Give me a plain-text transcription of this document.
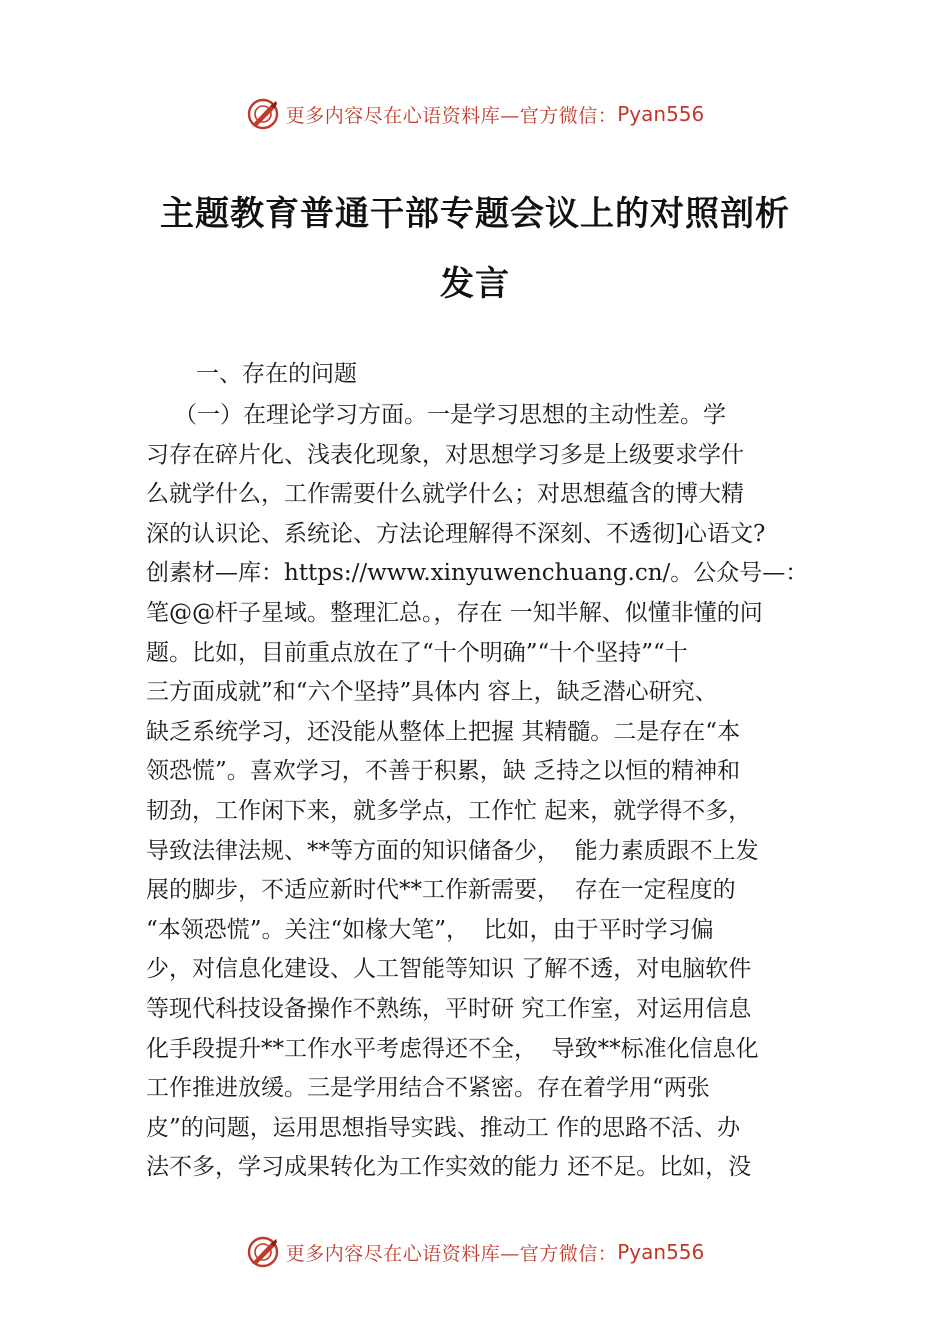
更多内容尽在心语资料库—官方微信： Pyan556
主题教育普通干部专题会议上的对照剖析
发言
一、存在的问题
（一）在理论学习方面。一是学习思想的主动性差。学
习存在碎片化、浅表化现象，对思想学习多是上级要求学什
么就学什么，工作需要什么就学什么；对思想蕴含的博大精
深的认识论、系统论、方法论理解得不深刻、不透彻]心语文?
创素材—库：https://www.xinyuwenchuang.cn/。公众号—：
笔@@杆子星域。整理汇总。，存在 一知半解、似懂非懂的问
题。比如，目前重点放在了“十个明确”“十个坚持”“十
三方面成就”和“六个坚持”具体内 容上，缺乏潜心研究、
缺乏系统学习，还没能从整体上把握 其精髓。二是存在“本
领恐慌”。喜欢学习，不善于积累，缺 乏持之以恒的精神和
韧劲，工作闲下来，就多学点，工作忙 起来，就学得不多，
导致法律法规、**等方面的知识储备少，  能力素质跟不上发
展的脚步，不适应新时代**工作新需要，  存在一定程度的
“本领恐慌”。关注“如椽大笔”，  比如，由于平时学习偏
少，对信息化建设、人工智能等知识 了解不透，对电脑软件
等现代科技设备操作不熟练，平时研 究工作室，对运用信息
化手段提升**工作水平考虑得还不全，  导致**标准化信息化
工作推进放缓。三是学用结合不紧密。存在着学用“两张
皮”的问题，运用思想指导实践、推动工 作的思路不活、办
法不多，学习成果转化为工作实效的能力 还不足。比如，没
更多内容尽在心语资料库—官方微信： Pyan556
